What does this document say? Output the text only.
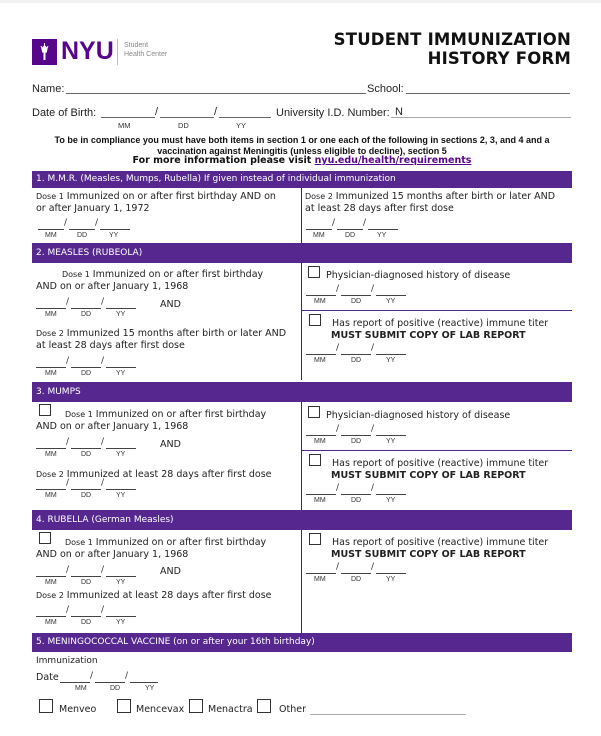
NYU Student
Health Center
STUDENT IMMUNIZATION
HISTORY FORM
Name:	School:
Date of Birth:	/	/
MM	DD	YY
University I.D. Number: N
To be in compliance you must have both items in section 1 or one each of the following in sections 2, 3, and 4 and a
vaccination against Meningitis (unless eligible to decline), section 5
For more information please visit nyu.edu/health/requirements
1. M.M.R. (Measles, Mumps, Rubella) If given instead of individual immunization
Dose 1 Immunized on or after first birthday AND on
or after January 1, 1972
/	/
MM	DD	YY
Dose 2 Immunized 15 months after birth or later AND
at least 28 days after first dose
/	/
MM	DD	YY
2. MEASLES (RUBEOLA)
Dose 1 Immunized on or after first birthday
AND on or after January 1, 1968
/	/
MM	DD	YY
AND
Dose 2 Immunized 15 months after birth or later AND
at least 28 days after first dose
/	/
MM	DD	YY
Physician-diagnosed history of disease
/	/
MM	DD	YY
Has report of positive (reactive) immune titer
MUST SUBMIT COPY OF LAB REPORT
/	/
MM	DD	YY
3. MUMPS
Dose 1 Immunized on or after first birthday
AND on or after January 1, 1968
/	/
MM	DD	YY
AND
Dose 2 Immunized at least 28 days after first dose
/	/
MM	DD	YY
Physician-diagnosed history of disease
/	/
MM	DD	YY
Has report of positive (reactive) immune titer
MUST SUBMIT COPY OF LAB REPORT
/	/
MM	DD	YY
4. RUBELLA (German Measles)
Dose 1 Immunized on or after first birthday
AND on or after January 1, 1968
/	/
MM	DD	YY
AND
Dose 2 Immunized at least 28 days after first dose
/	/
MM	DD	YY
Has report of positive (reactive) immune titer
MUST SUBMIT COPY OF LAB REPORT
/	/
MM	DD	YY
5. MENINGOCOCCAL VACCINE (on or after your 16th birthday)
Immunization
Date	/	/
MM	DD	YY
Menveo	Mencevax	Menactra	Other
